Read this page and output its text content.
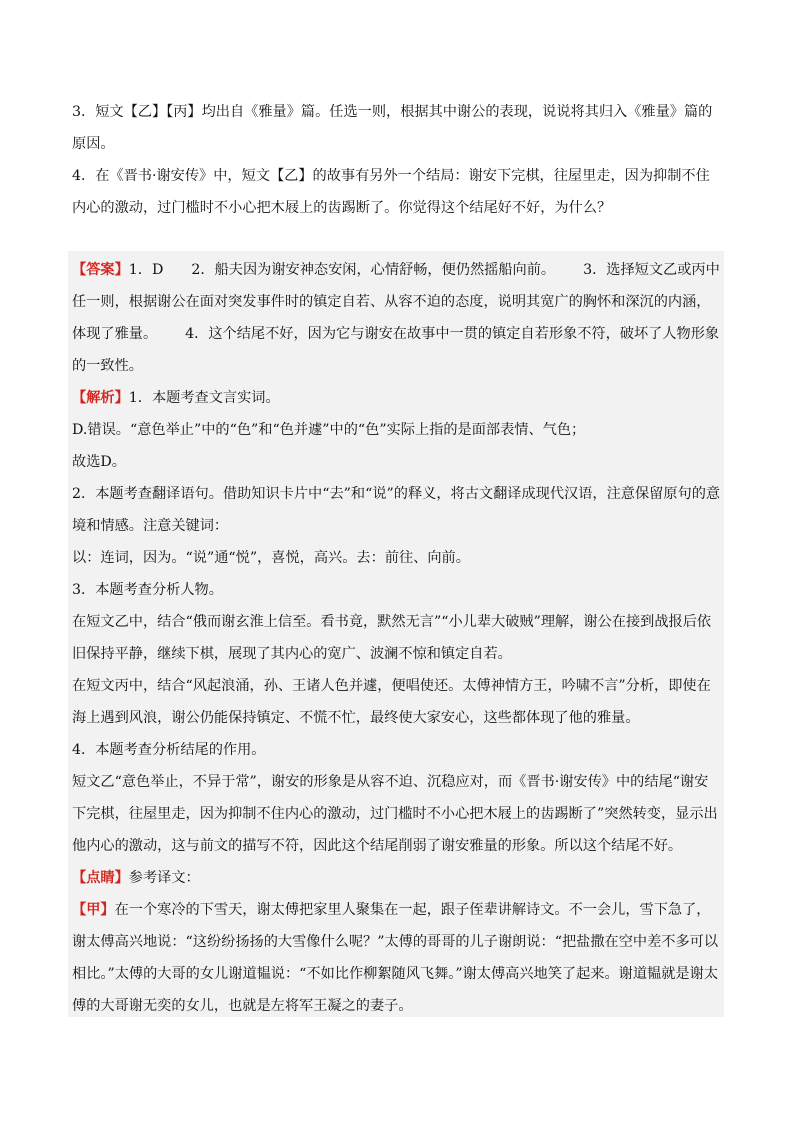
3．短文【乙】【丙】均出自《雅量》篇。任选一则，根据其中谢公的表现，说说将其归入《雅量》篇的原因。

4．在《晋书·谢安传》中，短文【乙】的故事有另外一个结局：谢安下完棋，往屋里走，因为抑制不住内心的激动，过门槛时不小心把木屐上的齿踢断了。你觉得这个结尾好不好，为什么？

【答案】1．D 2．船夫因为谢安神态安闲，心情舒畅，便仍然摇船向前。 3．选择短文乙或丙中任一则，根据谢公在面对突发事件时的镇定自若、从容不迫的态度，说明其宽广的胸怀和深沉的内涵，体现了雅量。 4．这个结尾不好，因为它与谢安在故事中一贯的镇定自若形象不符，破坏了人物形象的一致性。

【解析】1．本题考查文言实词。

D.错误。“意色举止”中的“色”和“色并遽”中的“色”实际上指的是面部表情、气色；

故选D。

2．本题考查翻译语句。借助知识卡片中“去”和“说”的释义，将古文翻译成现代汉语，注意保留原句的意境和情感。注意关键词：

以：连词，因为。“说”通“悦”，喜悦，高兴。去：前往、向前。

3．本题考查分析人物。

在短文乙中，结合“俄而谢玄淮上信至。看书竟，默然无言”“小儿辈大破贼”理解，谢公在接到战报后依旧保持平静，继续下棋，展现了其内心的宽广、波澜不惊和镇定自若。

在短文丙中，结合“风起浪涌，孙、王诸人色并遽，便唱使还。太傅神情方王，吟啸不言”分析，即使在海上遇到风浪，谢公仍能保持镇定、不慌不忙，最终使大家安心，这些都体现了他的雅量。

4．本题考查分析结尾的作用。

短文乙“意色举止，不异于常”，谢安的形象是从容不迫、沉稳应对，而《晋书·谢安传》中的结尾“谢安下完棋，往屋里走，因为抑制不住内心的激动，过门槛时不小心把木屐上的齿踢断了”突然转变，显示出他内心的激动，这与前文的描写不符，因此这个结尾削弱了谢安雅量的形象。所以这个结尾不好。

【点睛】参考译文：

【甲】在一个寒冷的下雪天，谢太傅把家里人聚集在一起，跟子侄辈讲解诗文。不一会儿，雪下急了，谢太傅高兴地说：“这纷纷扬扬的大雪像什么呢？”太傅的哥哥的儿子谢朗说：“把盐撒在空中差不多可以相比。”太傅的大哥的女儿谢道韫说：“不如比作柳絮随风飞舞。”谢太傅高兴地笑了起来。谢道韫就是谢太傅的大哥谢无奕的女儿，也就是左将军王凝之的妻子。
